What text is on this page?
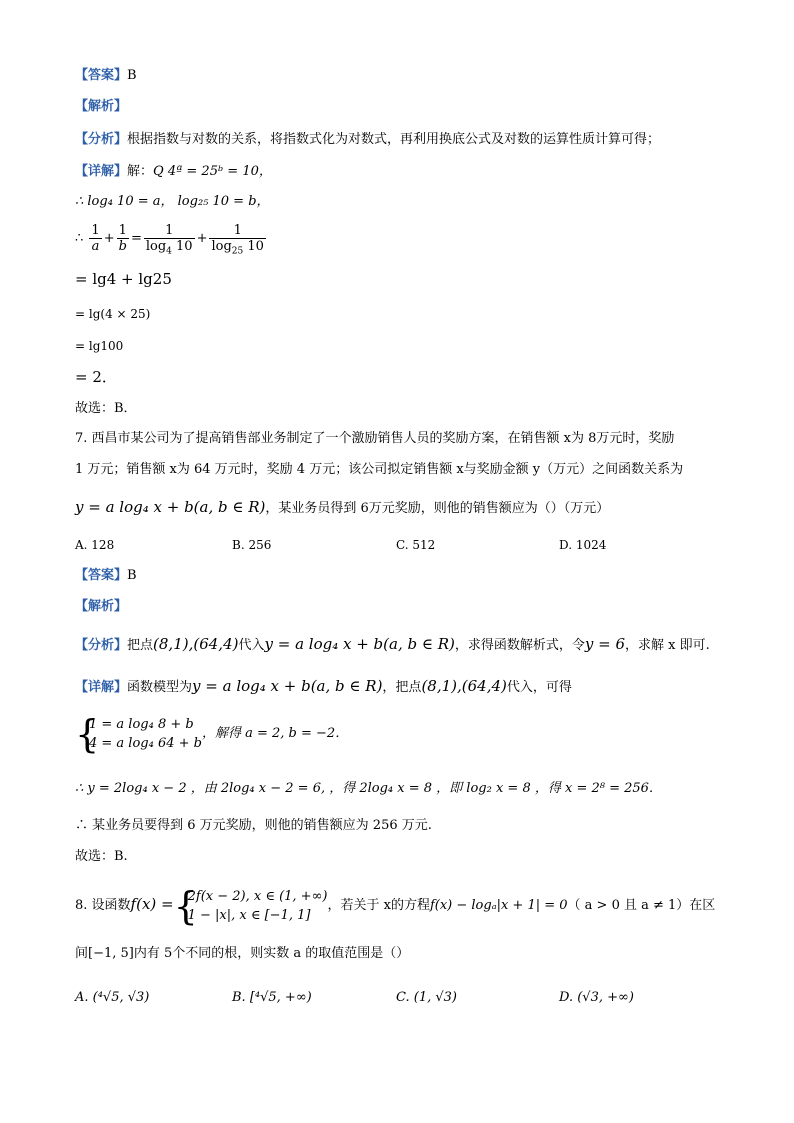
【答案】B
【解析】
【分析】根据指数与对数的关系，将指数式化为对数式，再利用换底公式及对数的运算性质计算可得；
【详解】解：Q 4ª = 25ᵇ = 10，
∴ log₄ 10 = a， log₂₅ 10 = b，
∴ $\frac{1}{a} + \frac{1}{b} = \frac{1}{\log_4 10} + \frac{1}{\log_{25} 10}$
= lg4 + lg25
= lg(4 × 25)
= lg100
= 2．
故选：B．
7. 西昌市某公司为了提高销售部业务制定了一个激励销售人员的奖励方案，在销售额 x为 8万元时，奖励
1 万元；销售额 x为 64 万元时，奖励 4 万元；该公司拟定销售额 x与奖励金额 y（万元）之间函数关系为
y = a log₄ x + b(a, b ∈ R)，某业务员得到 6万元奖励，则他的销售额应为（）（万元）
A. 128	B. 256	C. 512	D. 1024
【答案】B
【解析】
【分析】把点(8,1),(64,4)代入y = a log₄ x + b(a, b ∈ R)，求得函数解析式，令y = 6，求解 x 即可.
【详解】函数模型为y = a log₄ x + b(a, b ∈ R)，把点(8,1),(64,4)代入，可得
{
1 = a log₄ 8 + b
4 = a log₄ 64 + b
，解得 a = 2, b = −2．
∴ y = 2log₄ x − 2 ，由 2log₄ x − 2 = 6, ，得 2log₄ x = 8 ，即 log₂ x = 8 ，得 x = 2⁸ = 256．
∴ 某业务员要得到 6 万元奖励，则他的销售额应为 256 万元.
故选：B.
8. 设函数f(x) = {
2f(x − 2), x ∈ (1, +∞)
1 − |x|, x ∈ [−1, 1]
，若关于 x的方程f(x) − logₐ|x + 1| = 0（ a > 0 且 a ≠ 1）在区
间[−1, 5]内有 5个不同的根，则实数 a 的取值范围是（）
A. (⁴√5, √3)	B. [⁴√5, +∞)	C. (1, √3)	D. (√3, +∞)
